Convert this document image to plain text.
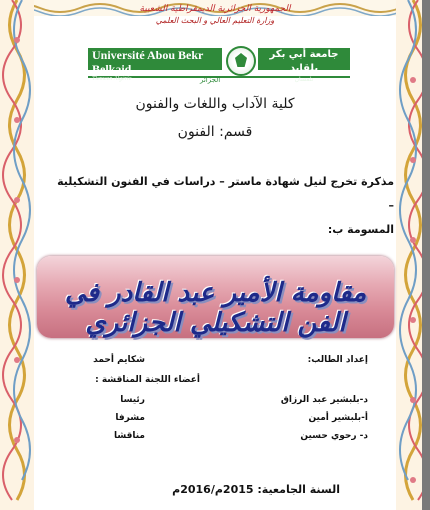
الجمهورية الجزائرية الديمقراطية الشعبية
وزارة التعليم العالي و البحث العلمي
Université Abou Bekr Belkaid
Tlemcen Algérie
جامعة أبي بكر بلقايد
تلمسان
الجزائر
كلية الآداب واللغات والفنون
قسم: الفنون
مذكرة تخرج لنيل شهادة ماستر – دراسات في الفنون التشكيلية –
المسومة ب:
مقاومة الأمير عبد القادر في الفن التشكيلي الجزائري
إعداد الطالب:
شكايم أحمد
أعضاء اللجنة المناقشة :
د-بلبشير عبد الرزاق
رئيسا
أ-بلبشير أمين
مشرفا
د- رحوي حسين
مناقشا
السنة الجامعية: 2015م/2016م
